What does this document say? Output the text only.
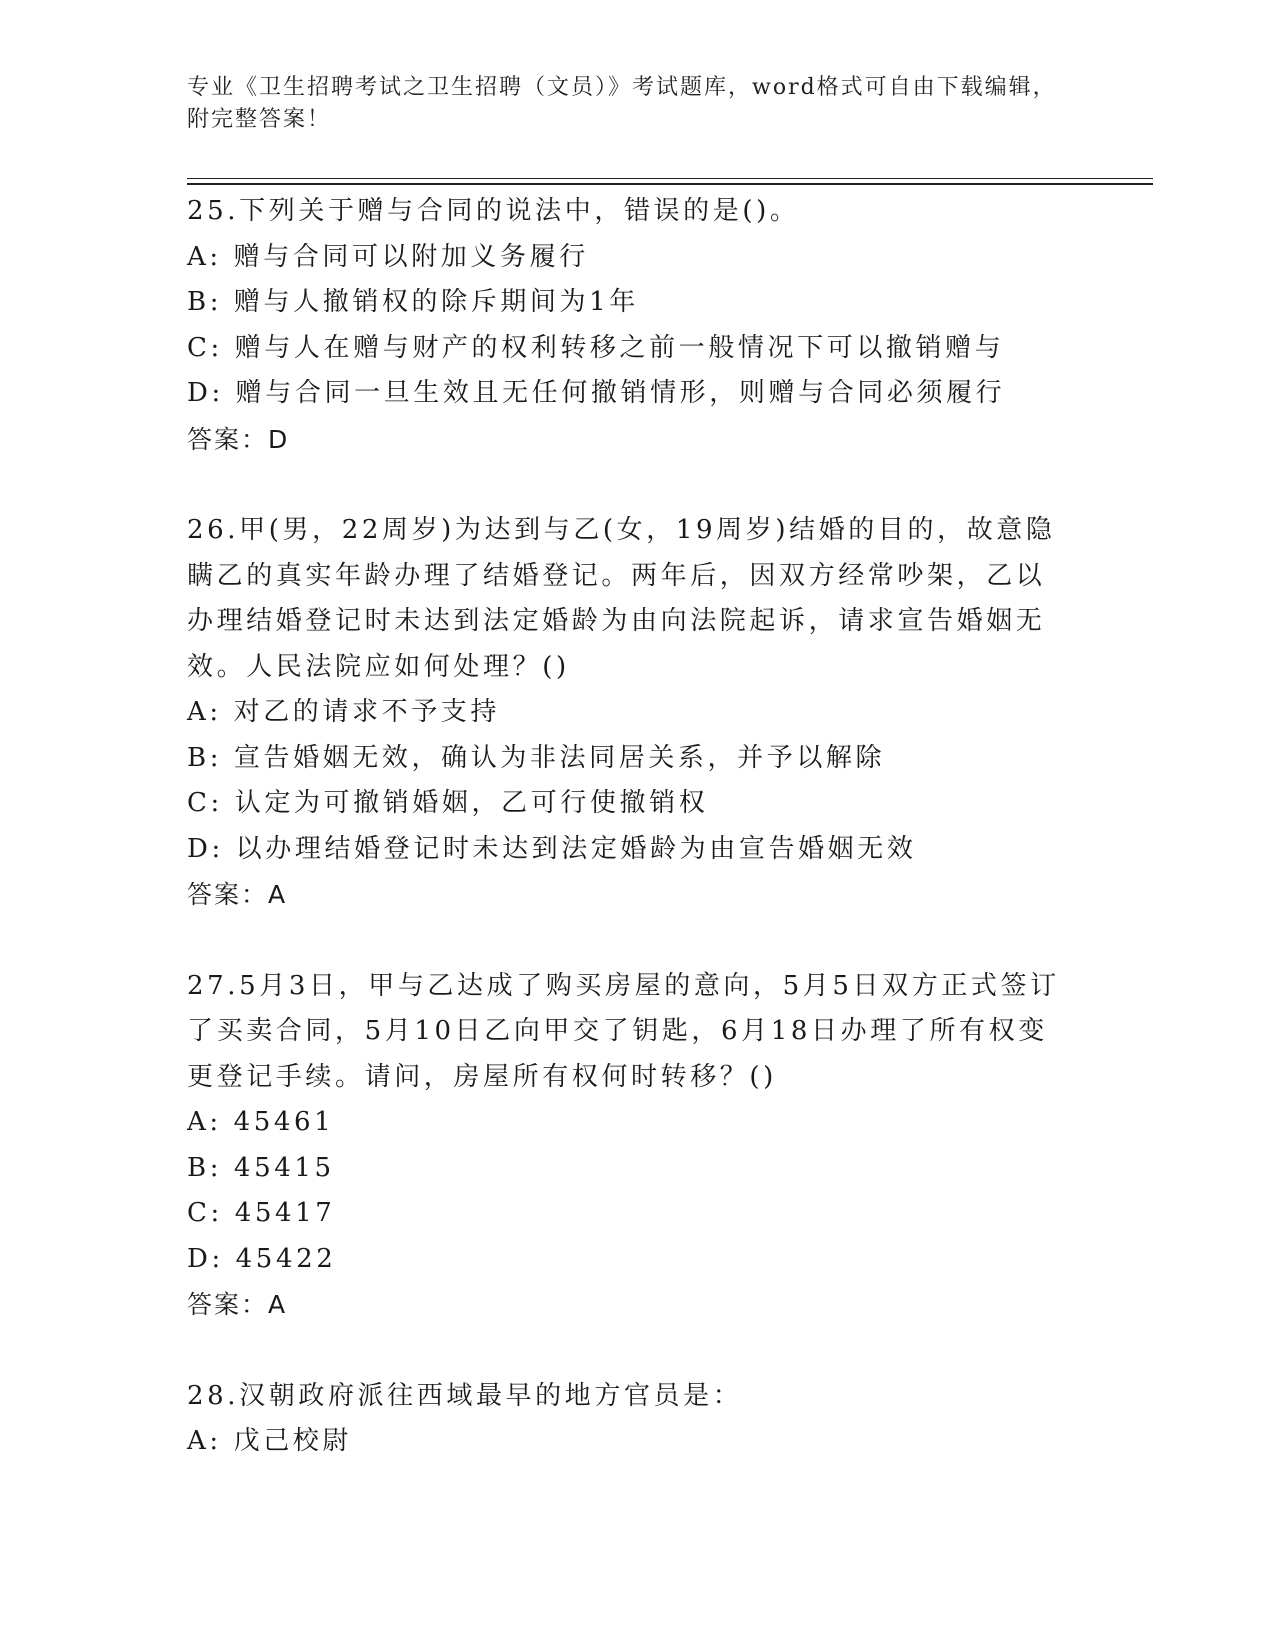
专业《卫生招聘考试之卫生招聘（文员）》考试题库，word格式可自由下载编辑，附完整答案！
25.下列关于赠与合同的说法中，错误的是()。
A: 赠与合同可以附加义务履行
B: 赠与人撤销权的除斥期间为1年
C: 赠与人在赠与财产的权利转移之前一般情况下可以撤销赠与
D: 赠与合同一旦生效且无任何撤销情形，则赠与合同必须履行
答案：D
26.甲(男，22周岁)为达到与乙(女，19周岁)结婚的目的，故意隐瞒乙的真实年龄办理了结婚登记。两年后，因双方经常吵架，乙以办理结婚登记时未达到法定婚龄为由向法院起诉，请求宣告婚姻无效。人民法院应如何处理？()
A: 对乙的请求不予支持
B: 宣告婚姻无效，确认为非法同居关系，并予以解除
C: 认定为可撤销婚姻，乙可行使撤销权
D: 以办理结婚登记时未达到法定婚龄为由宣告婚姻无效
答案：A
27.5月3日，甲与乙达成了购买房屋的意向，5月5日双方正式签订了买卖合同，5月10日乙向甲交了钥匙，6月18日办理了所有权变更登记手续。请问，房屋所有权何时转移？()
A: 45461
B: 45415
C: 45417
D: 45422
答案：A
28.汉朝政府派往西域最早的地方官员是：
A: 戊己校尉
